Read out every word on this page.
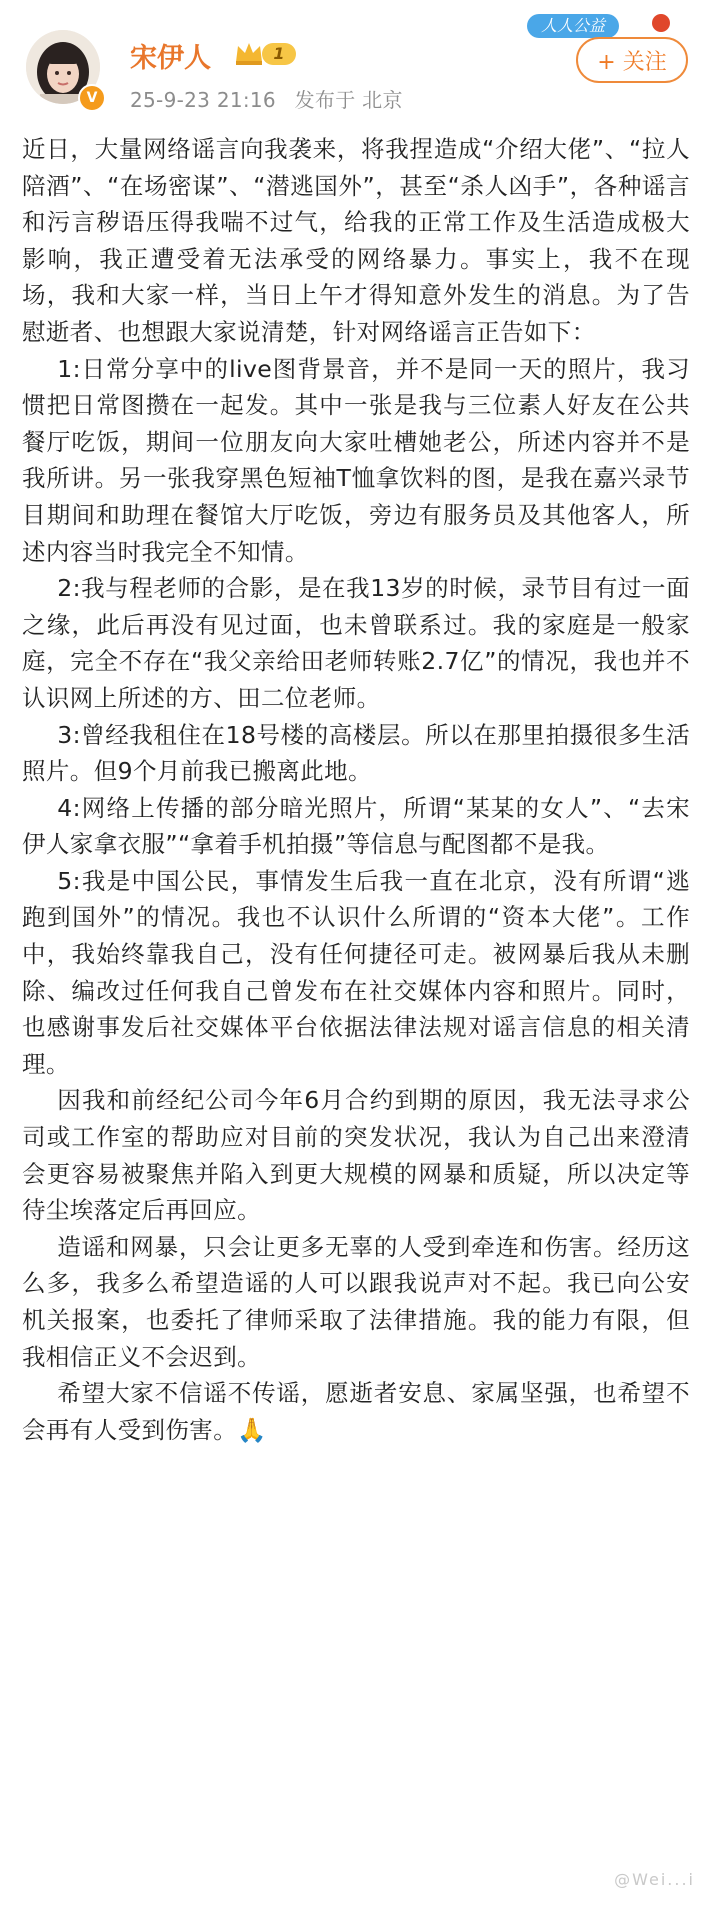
V
宋伊人	1
25-9-23 21:16 发布于 北京
人人公益
+ 关注

近日，大量网络谣言向我袭来，将我捏造成“介绍大佬”、“拉人陪酒”、“在场密谋”、“潜逃国外”，甚至“杀人凶手”，各种谣言和污言秽语压得我喘不过气，给我的正常工作及生活造成极大影响，我正遭受着无法承受的网络暴力。事实上，我不在现场，我和大家一样，当日上午才得知意外发生的消息。为了告慰逝者、也想跟大家说清楚，针对网络谣言正告如下：

1:日常分享中的live图背景音，并不是同一天的照片，我习惯把日常图攒在一起发。其中一张是我与三位素人好友在公共餐厅吃饭，期间一位朋友向大家吐槽她老公，所述内容并不是我所讲。另一张我穿黑色短袖T恤拿饮料的图，是我在嘉兴录节目期间和助理在餐馆大厅吃饭，旁边有服务员及其他客人，所述内容当时我完全不知情。

2:我与程老师的合影，是在我13岁的时候，录节目有过一面之缘，此后再没有见过面，也未曾联系过。我的家庭是一般家庭，完全不存在“我父亲给田老师转账2.7亿”的情况，我也并不认识网上所述的方、田二位老师。

3:曾经我租住在18号楼的高楼层。所以在那里拍摄很多生活照片。但9个月前我已搬离此地。

4:网络上传播的部分暗光照片，所谓“某某的女人”、“去宋伊人家拿衣服”“拿着手机拍摄”等信息与配图都不是我。

5:我是中国公民，事情发生后我一直在北京，没有所谓“逃跑到国外”的情况。我也不认识什么所谓的“资本大佬”。工作中，我始终靠我自己，没有任何捷径可走。被网暴后我从未删除、编改过任何我自己曾发布在社交媒体内容和照片。同时，也感谢事发后社交媒体平台依据法律法规对谣言信息的相关清理。

因我和前经纪公司今年6月合约到期的原因，我无法寻求公司或工作室的帮助应对目前的突发状况，我认为自己出来澄清会更容易被聚焦并陷入到更大规模的网暴和质疑，所以决定等待尘埃落定后再回应。

造谣和网暴，只会让更多无辜的人受到牵连和伤害。经历这么多，我多么希望造谣的人可以跟我说声对不起。我已向公安机关报案，也委托了律师采取了法律措施。我的能力有限，但我相信正义不会迟到。

希望大家不信谣不传谣，愿逝者安息、家属坚强，也希望不会再有人受到伤害。🙏

@Wei...i
